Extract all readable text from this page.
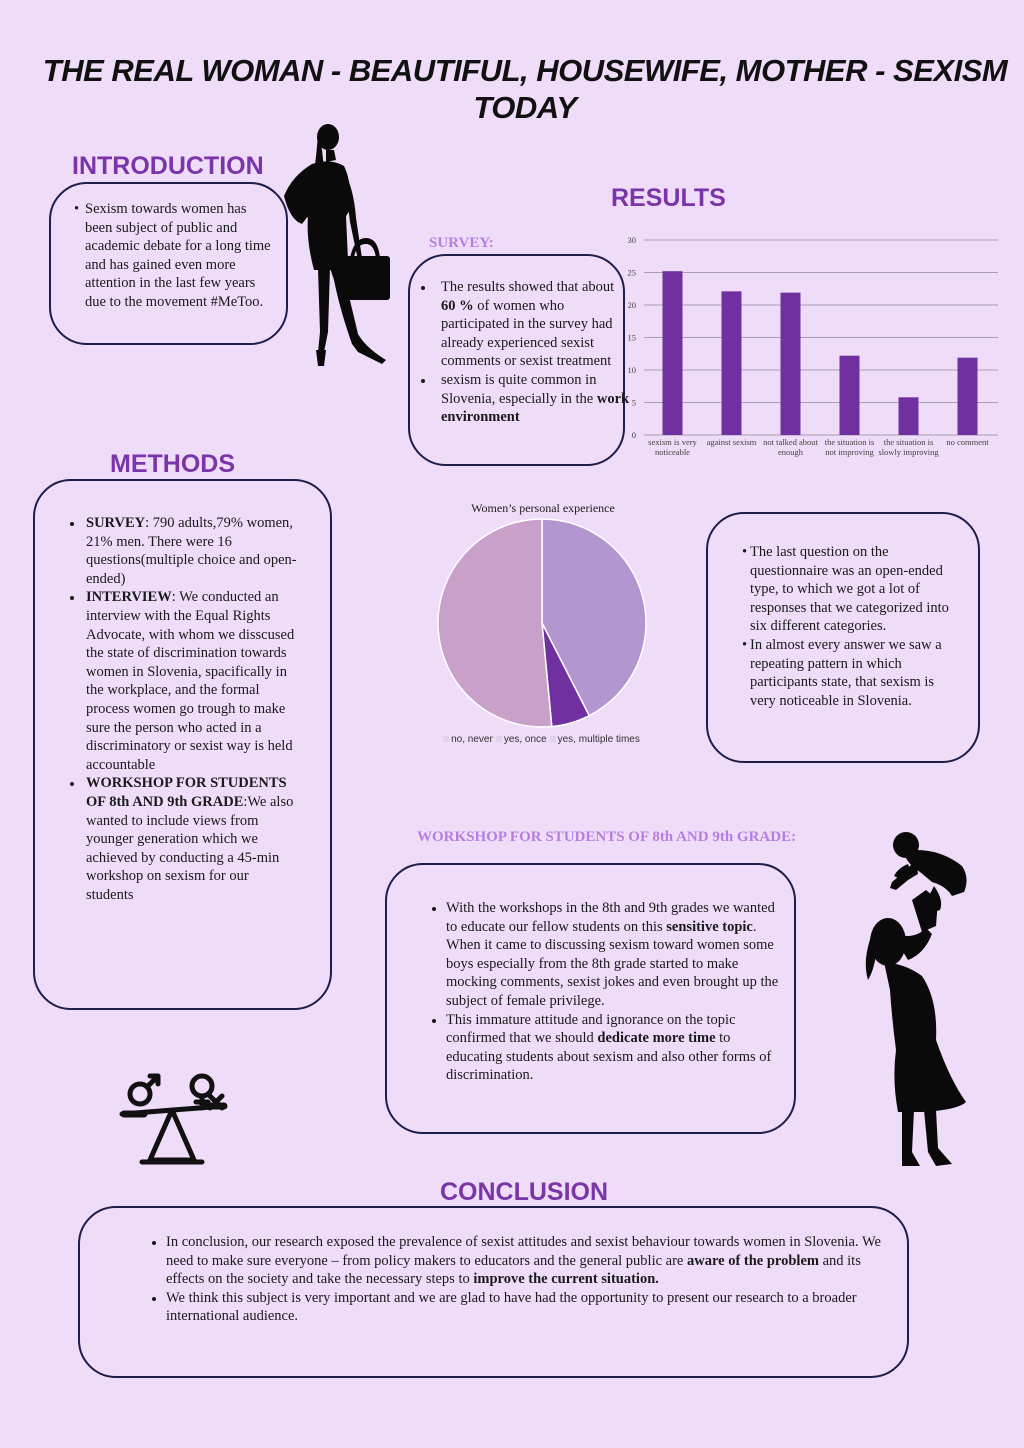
THE REAL WOMAN - BEAUTIFUL, HOUSEWIFE, MOTHER - SEXISM TODAY
INTRODUCTION
• Sexism towards women has been subject of public and academic debate for a long time and has gained even more attention in the last few years due to the movement #MeToo.
RESULTS
SURVEY:
• The results showed that about 60 % of women who participated in the survey had already experienced sexist comments or sexist treatment
• sexism is quite common in Slovenia, especially in the work environment
0
5
10
15
20
25
30
sexism is very noticeable
against sexism not talked about enough
the situation is not improving
the situation is slowly improving
no comment
METHODS
• SURVEY: 790 adults,79% women, 21% men. There were 16 questions(multiple choice and open-ended)
• INTERVIEW: We conducted an interview with the Equal Rights Advocate, with whom we disscused the state of discrimination towards women in Slovenia, spacifically in the workplace, and the formal process women go trough to make sure the person who acted in a discriminatory or sexist way is held accountable
• WORKSHOP FOR STUDENTS OF 8th AND 9th GRADE:We also wanted to include views from younger generation which we achieved by conducting a 45-min workshop on sexism for our students
Women’s personal experience
no, never yes, once yes, multiple times
• The last question on the questionnaire was an open-ended type, to which we got a lot of responses that we categorized into six different categories.
• In almost every answer we saw a repeating pattern in which participants state, that sexism is very noticeable in Slovenia.
WORKSHOP FOR STUDENTS OF 8th AND 9th GRADE:
• With the workshops in the 8th and 9th grades we wanted to educate our fellow students on this sensitive topic. When it came to discussing sexism toward women some boys especially from the 8th grade started to make mocking comments, sexist jokes and even brought up the subject of female privilege.
• This immature attitude and ignorance on the topic confirmed that we should dedicate more time to educating students about sexism and also other forms of discrimination.
CONCLUSION
• In conclusion, our research exposed the prevalence of sexist attitudes and sexist behaviour towards women in Slovenia. We need to make sure everyone – from policy makers to educators and the general public are aware of the problem and its effects on the society and take the necessary steps to improve the current situation.
• We think this subject is very important and we are glad to have had the opportunity to present our research to a broader international audience.
